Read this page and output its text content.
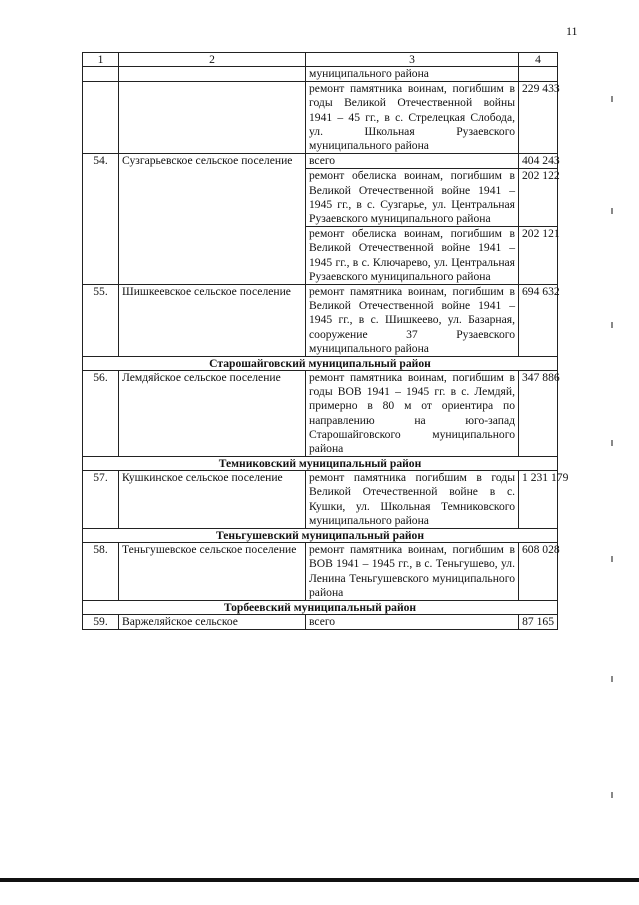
11
1	2	3	4
		муниципального района	
		ремонт памятника воинам, погибшим в годы Великой Отечественной войны 1941 – 45 гг., в с. Стрелецкая Слобода, ул. Школьная Рузаевского муниципального района	229 433
54.	Сузгарьевское сельское поселение	всего	404 243
		ремонт обелиска воинам, погибшим в Великой Отечественной войне 1941 – 1945 гг., в с. Сузгарье, ул. Центральная Рузаевского муниципального района	202 122
		ремонт обелиска воинам, погибшим в Великой Отечественной войне 1941 – 1945 гг., в с. Ключарево, ул. Центральная Рузаевского муниципального района	202 121
55.	Шишкеевское сельское поселение	ремонт памятника воинам, погибшим в Великой Отечественной войне 1941 – 1945 гг., в с. Шишкеево, ул. Базарная, сооружение 37 Рузаевского муниципального района	694 632
Старошайговский муниципальный район			
56.	Лемдяйское сельское поселение	ремонт памятника воинам, погибшим в годы ВОВ 1941 – 1945 гг. в с. Лемдяй, примерно в 80 м от ориентира по направлению на юго-запад Старошайговского муниципального района	347 886
Темниковский муниципальный район			
57.	Кушкинское сельское поселение	ремонт памятника погибшим в годы Великой Отечественной войне в с. Кушки, ул. Школьная Темниковского муниципального района	1 231 179
Теньгушевский муниципальный район			
58.	Теньгушевское сельское поселение	ремонт памятника воинам, погибшим в ВОВ 1941 – 1945 гг., в с. Теньгушево, ул. Ленина Теньгушевского муниципального района	608 028
Торбеевский муниципальный район			
59.	Варжеляйское сельское	всего	87 165
